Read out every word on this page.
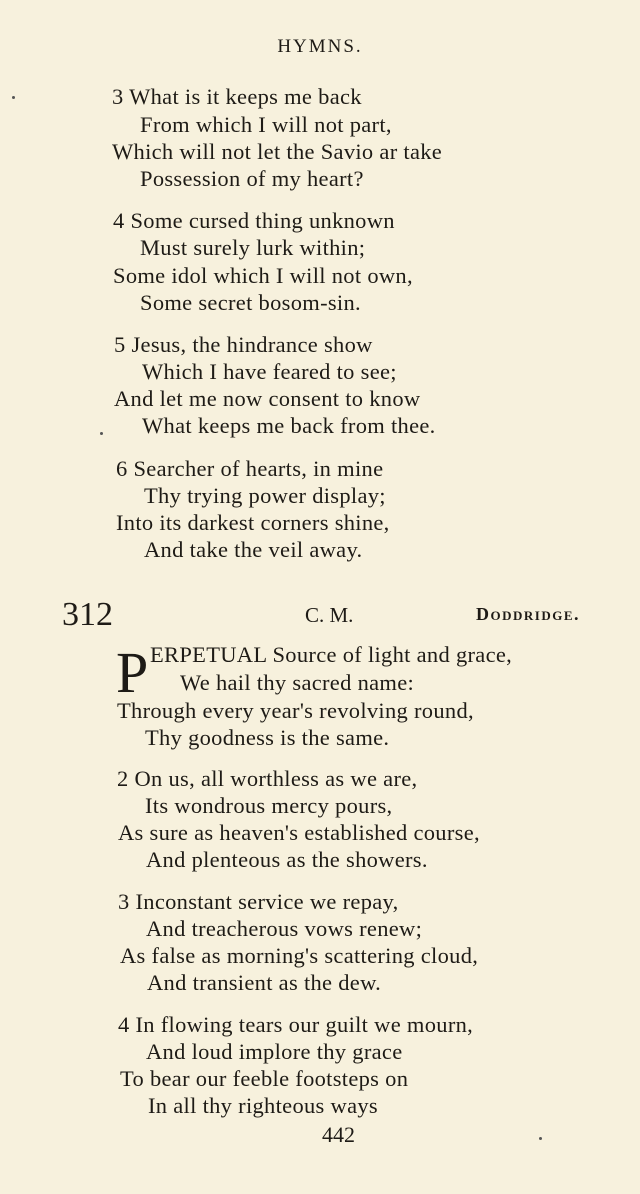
HYMNS.
3 What is it keeps me back
From which I will not part,
Which will not let the Savio ar take
Possession of my heart?
4 Some cursed thing unknown
Must surely lurk within;
Some idol which I will not own,
Some secret bosom-sin.
5 Jesus, the hindrance show
Which I have feared to see;
And let me now consent to know
What keeps me back from thee.
6 Searcher of hearts, in mine
Thy trying power display;
Into its darkest corners shine,
And take the veil away.
312	C. M.	Doddridge.
P ERPETUAL Source of light and grace,
We hail thy sacred name:
Through every year's revolving round,
Thy goodness is the same.
2 On us, all worthless as we are,
Its wondrous mercy pours,
As sure as heaven's established course,
And plenteous as the showers.
3 Inconstant service we repay,
And treacherous vows renew;
As false as morning's scattering cloud,
And transient as the dew.
4 In flowing tears our guilt we mourn,
And loud implore thy grace
To bear our feeble footsteps on
In all thy righteous ways
442
